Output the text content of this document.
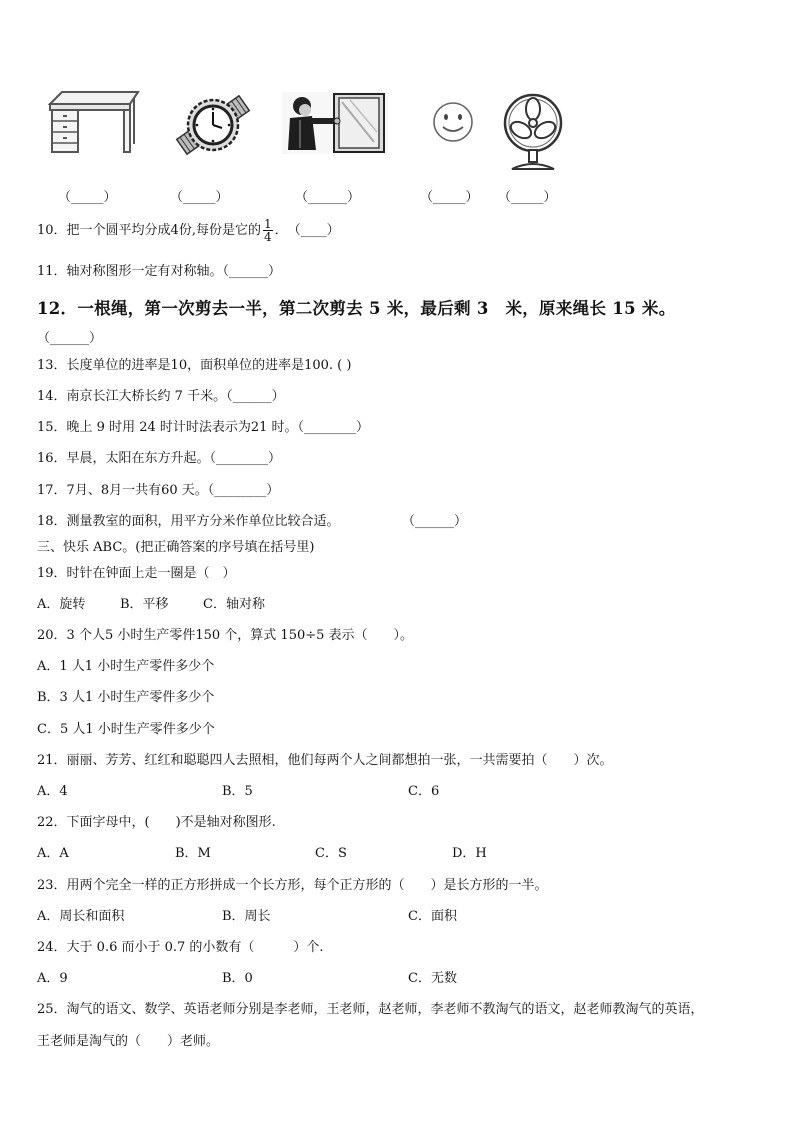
（_____）	（_____）	（______）	（_____） （_____）
10．把一个圆平均分成4份,每份是它的 $\frac{1}{4}$ ．　（____）
11．轴对称图形一定有对称轴。（______）
12．一根绳，第一次剪去一半，第二次剪去 5 米，最后剩 3　米，原来绳长 15 米。
（______）
13．长度单位的进率是10，面积单位的进率是100. ( )
14．南京长江大桥长约 7 千米。（______）
15．晚上 9 时用 24 时计时法表示为21 时。（________）
16．早晨，太阳在东方升起。（________）
17．7月、8月一共有60 天。（________）
18．测量教室的面积，用平方分米作单位比较合适。	（______）
三、快乐 ABC。(把正确答案的序号填在括号里)
19．时针在钟面上走一圈是（　）
A．旋转	B．平移	C．轴对称
20．3 个人5 小时生产零件150 个，算式 150÷5 表示（　　）。
A．1 人1 小时生产零件多少个
B．3 人1 小时生产零件多少个
C．5 人1 小时生产零件多少个
21．丽丽、芳芳、红红和聪聪四人去照相，他们每两个人之间都想拍一张，一共需要拍（　　）次。
A．4	B．5	C．6
22．下面字母中，(　　)不是轴对称图形.
A．A	B．M	C．S	D．H
23．用两个完全一样的正方形拼成一个长方形，每个正方形的（　　）是长方形的一半。
A．周长和面积	B．周长	C．面积
24．大于 0.6 而小于 0.7 的小数有（　　　）个.
A．9	B．0	C．无数
25．淘气的语文、数学、英语老师分别是李老师，王老师，赵老师，李老师不教淘气的语文，赵老师教淘气的英语，
王老师是淘气的（　　）老师。
